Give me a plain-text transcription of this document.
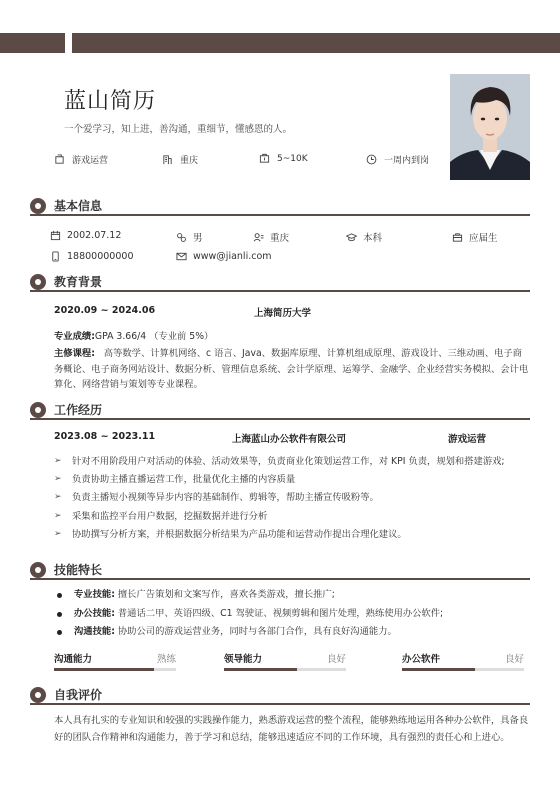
蓝山简历
一个爱学习，知上进，善沟通，重细节，懂感恩的人。
游戏运营	重庆	5~10K	一周内到岗
基本信息
2002.07.12	男	重庆	本科	应届生
18800000000	www@jianli.com
教育背景
2020.09 ~ 2024.06	上海简历大学
专业成绩:GPA 3.66/4 （专业前 5%）
主修课程: 高等数学、计算机网络、c 语言、Java、数据库原理、计算机组成原理、游戏设计、三维动画、电子商务概论、电子商务网站设计、数据分析、管理信息系统、会计学原理、运筹学、金融学、企业经营实务模拟、会计电算化、网络营销与策划等专业课程。
工作经历
2023.08 ~ 2023.11	上海蓝山办公软件有限公司	游戏运营
➢ 针对不用阶段用户对活动的体验、活动效果等，负责商业化策划运营工作，对 KPI 负责，规划和搭建游戏;
➢ 负责协助主播直播运营工作，批量优化主播的内容质量
➢ 负责主播短小视频等异步内容的基础制作、剪辑等，帮助主播宣传吸粉等。
➢ 采集和监控平台用户数据，挖掘数据并进行分析
➢ 协助撰写分析方案，并根据数据分析结果为产品功能和运营动作提出合理化建议。
技能特长
专业技能: 擅长广告策划和文案写作，喜欢各类游戏，擅长推广;
办公技能: 普通话二甲、英语四级、C1 驾驶证、视频剪辑和图片处理，熟练使用办公软件;
沟通技能: 协助公司的游戏运营业务，同时与各部门合作，具有良好沟通能力。
沟通能力	熟练	领导能力	良好	办公软件	良好
自我评价
本人具有扎实的专业知识和较强的实践操作能力，熟悉游戏运营的整个流程，能够熟练地运用各种办公软件，具备良好的团队合作精神和沟通能力，善于学习和总结，能够迅速适应不同的工作环境，具有强烈的责任心和上进心。
